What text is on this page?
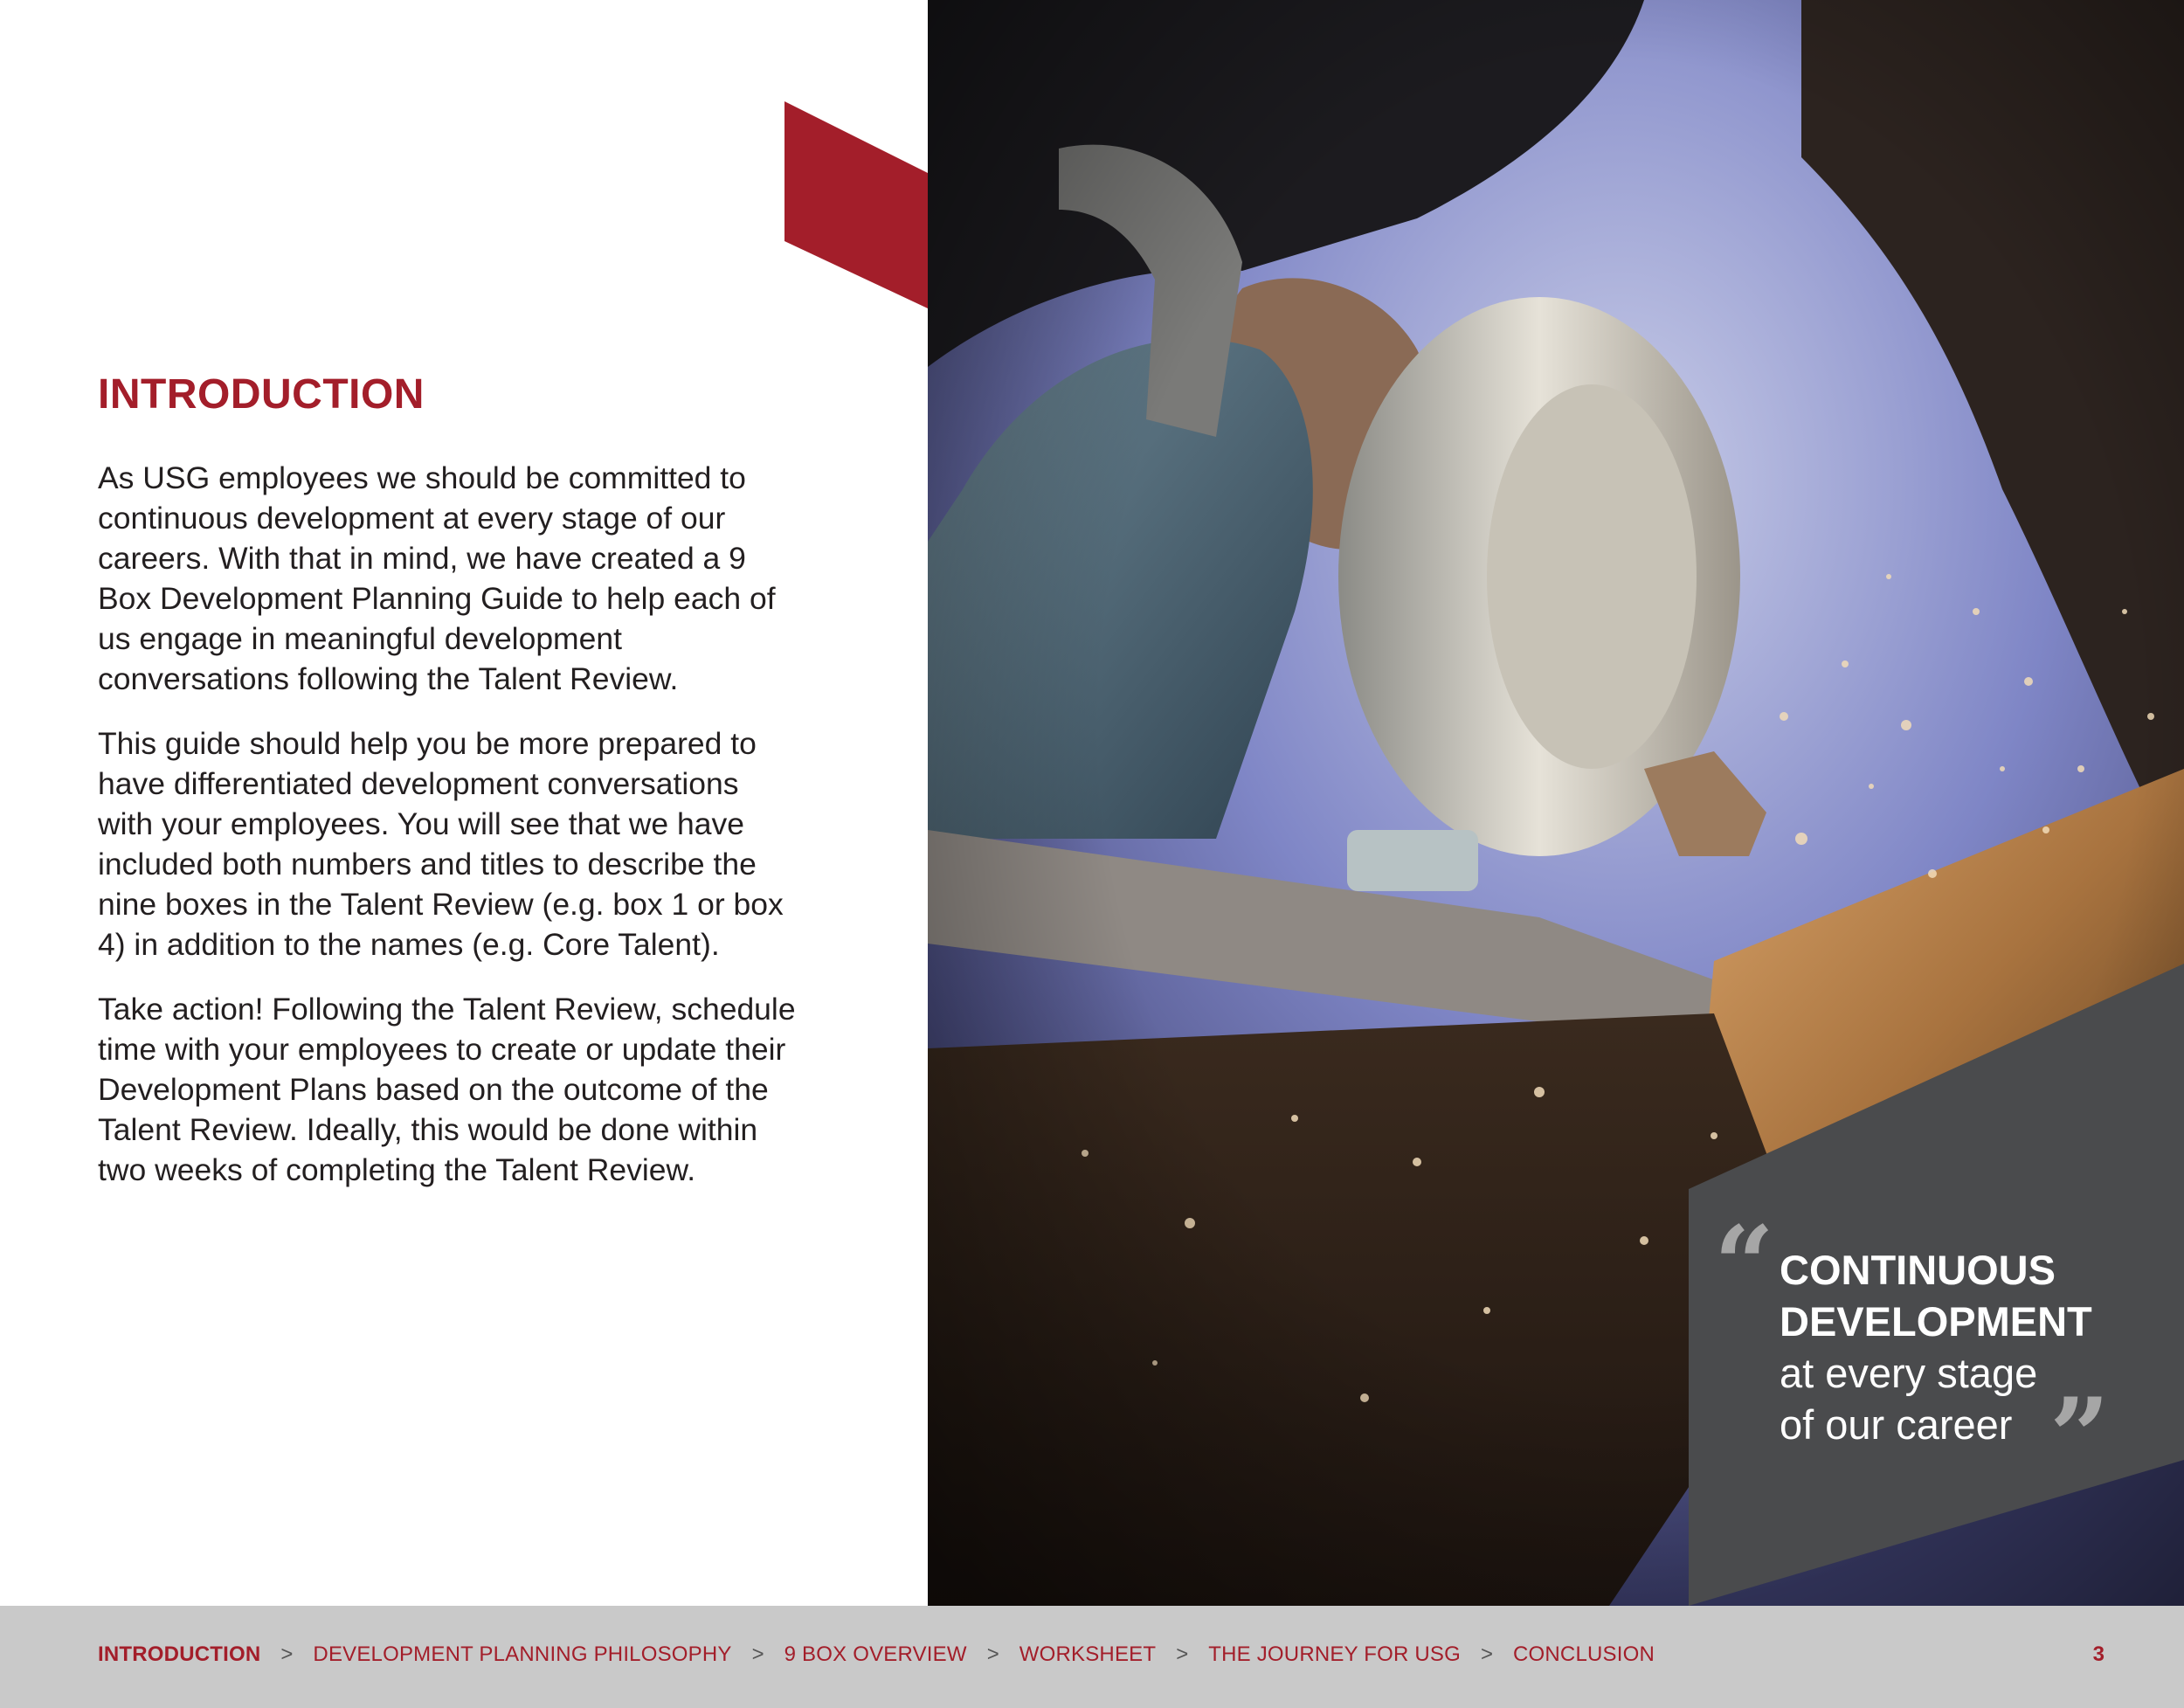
INTRODUCTION

As USG employees we should be committed to continuous development at every stage of our careers. With that in mind, we have created a 9 Box Development Planning Guide to help each of us engage in meaningful development conversations following the Talent Review.

This guide should help you be more prepared to have differentiated development conversations with your employees. You will see that we have included both numbers and titles to describe the nine boxes in the Talent Review (e.g. box 1 or box 4) in addition to the names (e.g. Core Talent).

Take action! Following the Talent Review, schedule time with your employees to create or update their Development Plans based on the outcome of the Talent Review. Ideally, this would be done within two weeks of completing the Talent Review.

“ CONTINUOUS
DEVELOPMENT
at every stage
of our career ”
INTRODUCTION > DEVELOPMENT PLANNING PHILOSOPHY > 9 BOX OVERVIEW > WORKSHEET > THE JOURNEY FOR USG > CONCLUSION	3
